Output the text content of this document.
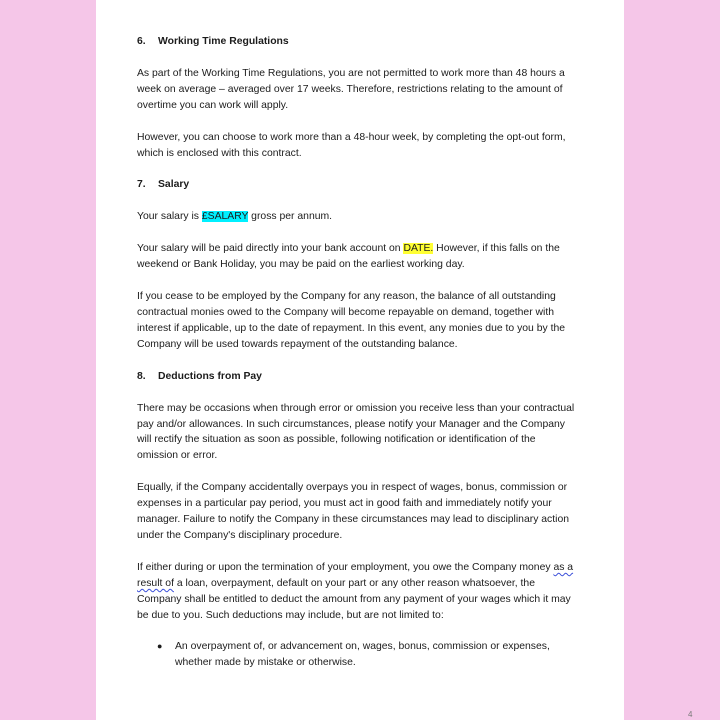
6.	Working Time Regulations

As part of the Working Time Regulations, you are not permitted to work more than 48 hours a week on average – averaged over 17 weeks. Therefore, restrictions relating to the amount of overtime you can work will apply.

However, you can choose to work more than a 48-hour week, by completing the opt-out form, which is enclosed with this contract.

7.	Salary

Your salary is £SALARY gross per annum.

Your salary will be paid directly into your bank account on DATE. However, if this falls on the weekend or Bank Holiday, you may be paid on the earliest working day.

If you cease to be employed by the Company for any reason, the balance of all outstanding contractual monies owed to the Company will become repayable on demand, together with interest if applicable, up to the date of repayment. In this event, any monies due to you by the Company will be used towards repayment of the outstanding balance.

8.	Deductions from Pay

There may be occasions when through error or omission you receive less than your contractual pay and/or allowances. In such circumstances, please notify your Manager and the Company will rectify the situation as soon as possible, following notification or identification of the omission or error.

Equally, if the Company accidentally overpays you in respect of wages, bonus, commission or expenses in a particular pay period, you must act in good faith and immediately notify your manager. Failure to notify the Company in these circumstances may lead to disciplinary action under the Company's disciplinary procedure.

If either during or upon the termination of your employment, you owe the Company money as a result of a loan, overpayment, default on your part or any other reason whatsoever, the Company shall be entitled to deduct the amount from any payment of your wages which it may be due to you. Such deductions may include, but are not limited to:

●	An overpayment of, or advancement on, wages, bonus, commission or expenses, whether made by mistake or otherwise.
4
